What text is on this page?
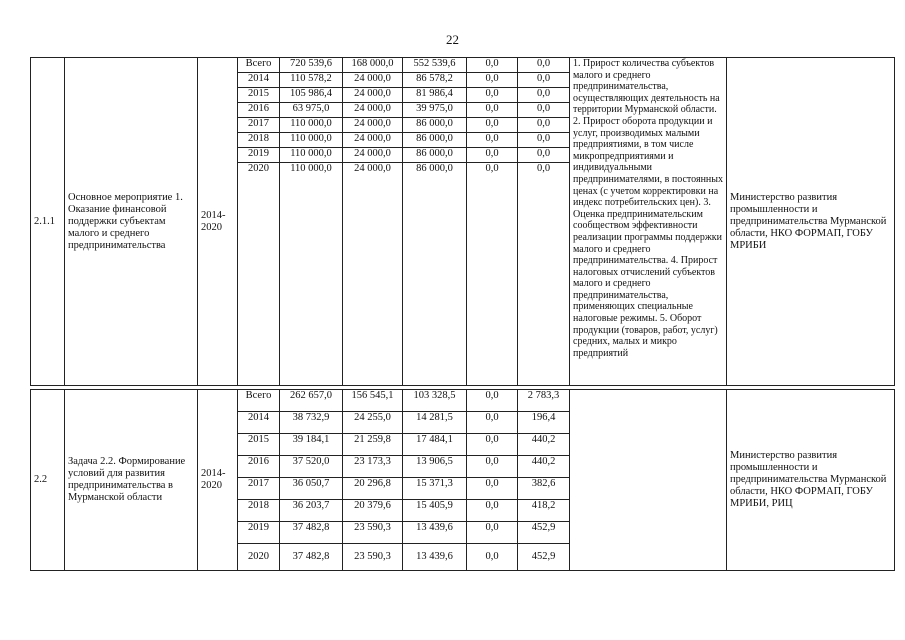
22
2.1.1	Основное мероприятие 1. Оказание финансовой поддержки субъектам малого и среднего предпринимательства	2014-2020	Всего	720 539,6	168 000,0	552 539,6	0,0	0,0	1. Прирост количества субъектов малого и среднего предпринимательства, осуществляющих деятельность на территории Мурманской области. 2. Прирост оборота продукции и услуг, производимых малыми предприятиями, в том числе микропредприятиями и индивидуальными предпринимателями, в постоянных ценах (с учетом корректировки на индекс потребительских цен). 3. Оценка предпринимательским сообществом эффективности реализации программы поддержки малого и среднего предпринимательства. 4. Прирост налоговых отчислений субъектов малого и среднего предпринимательства, применяющих специальные налоговые режимы. 5. Оборот продукции (товаров, работ, услуг) средних, малых и микро предприятий	Министерство развития промышленности и предпринимательства Мурманской области, НКО ФОРМАП, ГОБУ МРИБИ
			2014	110 578,2	24 000,0	86 578,2	0,0	0,0		
			2015	105 986,4	24 000,0	81 986,4	0,0	0,0		
			2016	63 975,0	24 000,0	39 975,0	0,0	0,0		
			2017	110 000,0	24 000,0	86 000,0	0,0	0,0		
			2018	110 000,0	24 000,0	86 000,0	0,0	0,0		
			2019	110 000,0	24 000,0	86 000,0	0,0	0,0		
			2020	110 000,0	24 000,0	86 000,0	0,0	0,0		

2.2	Задача 2.2. Формирование условий для развития предпринимательства в Мурманской области	2014-2020	Всего	262 657,0	156 545,1	103 328,5	0,0	2 783,3		Министерство развития промышленности и предпринимательства Мурманской области, НКО ФОРМАП, ГОБУ МРИБИ, РИЦ
			2014	38 732,9	24 255,0	14 281,5	0,0	196,4		
			2015	39 184,1	21 259,8	17 484,1	0,0	440,2		
			2016	37 520,0	23 173,3	13 906,5	0,0	440,2		
			2017	36 050,7	20 296,8	15 371,3	0,0	382,6		
			2018	36 203,7	20 379,6	15 405,9	0,0	418,2		
			2019	37 482,8	23 590,3	13 439,6	0,0	452,9		
			2020	37 482,8	23 590,3	13 439,6	0,0	452,9		
